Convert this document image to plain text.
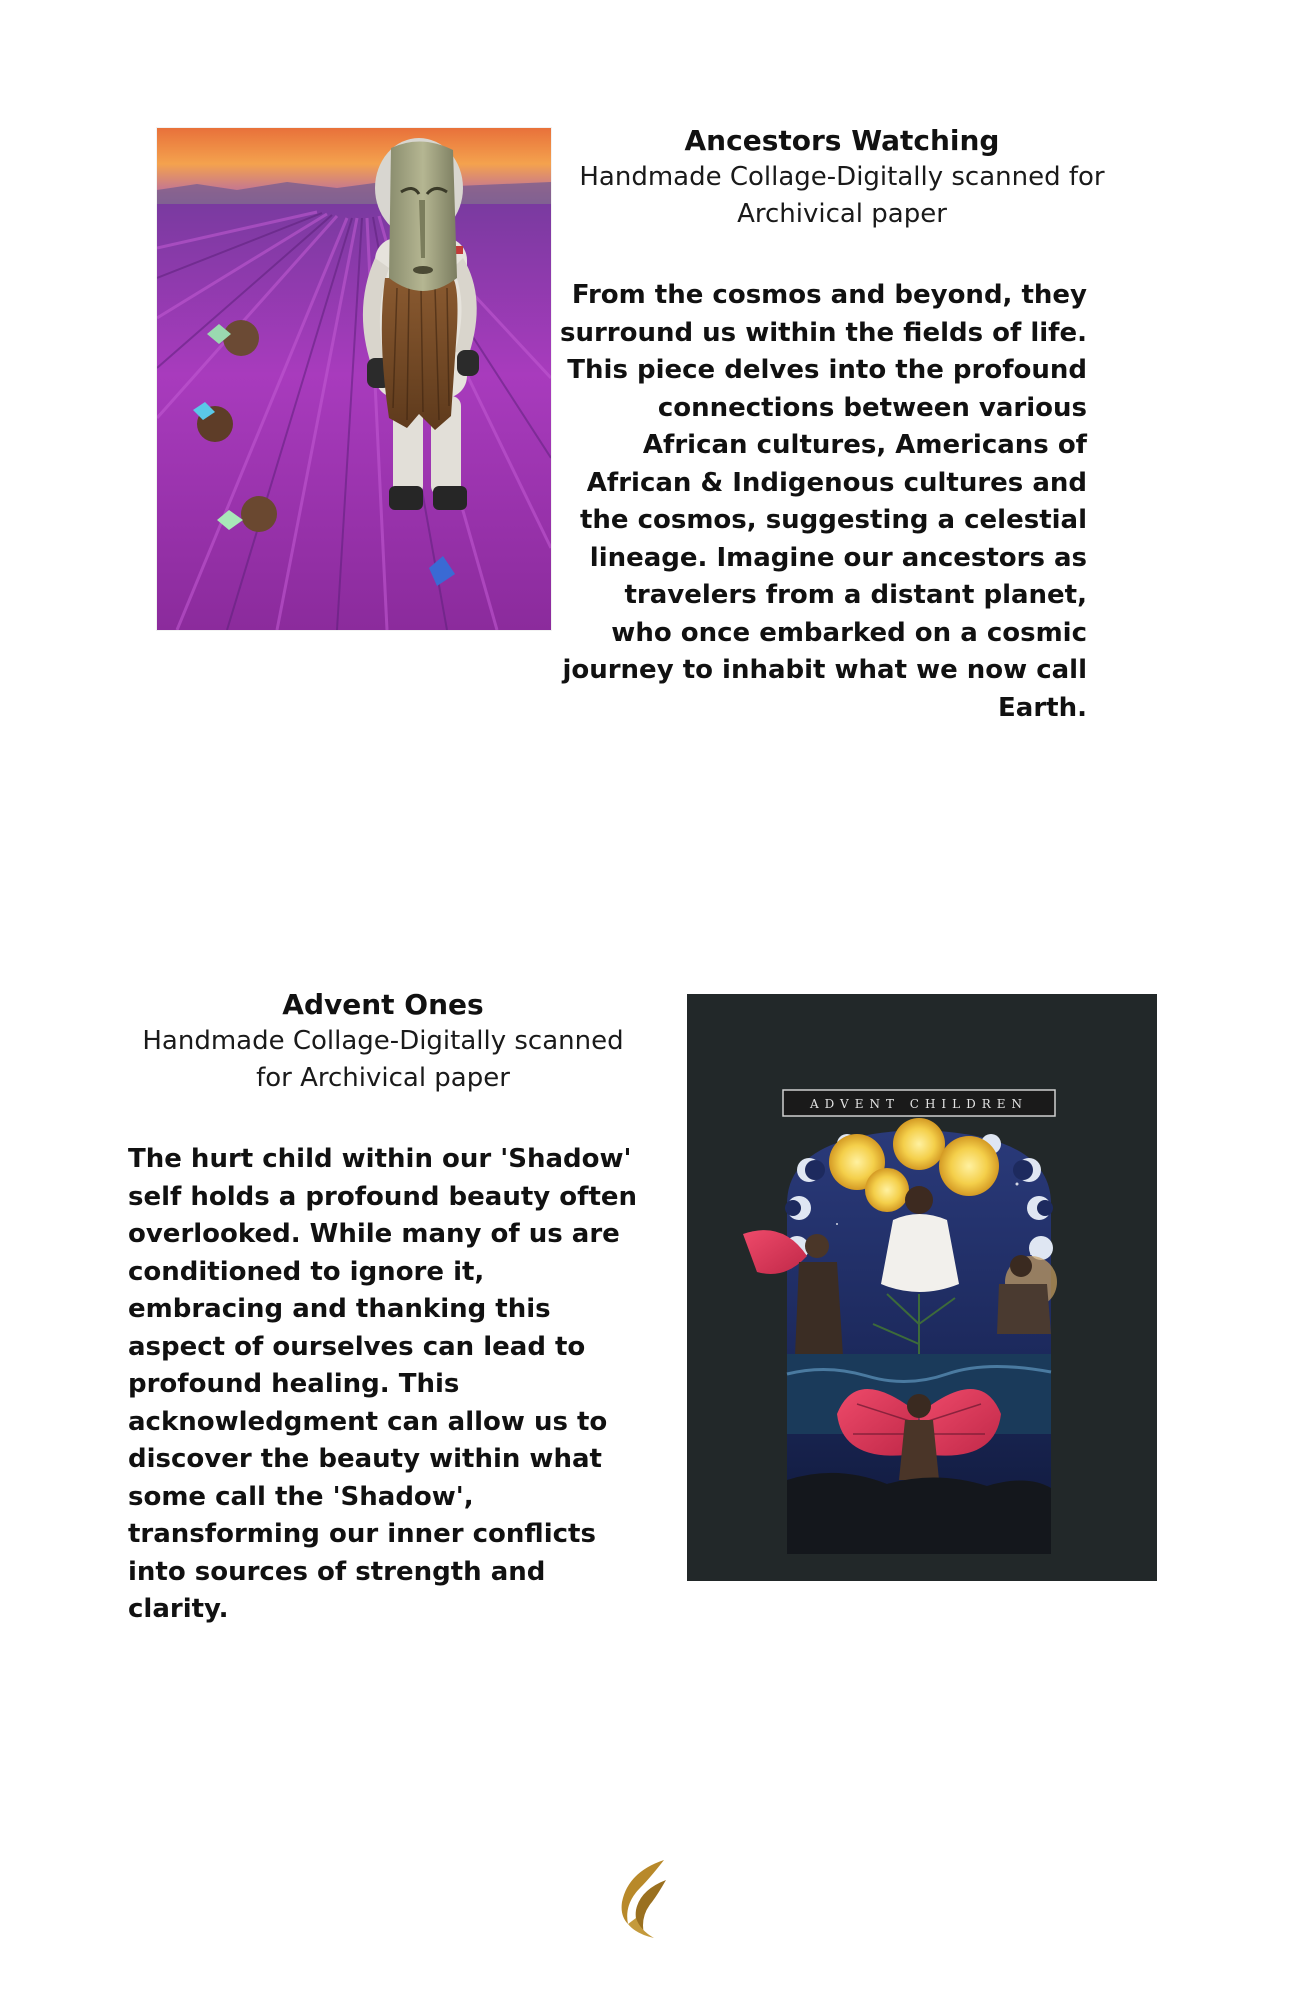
Ancestors Watching

Handmade Collage-Digitally scanned for Archivical paper

From the cosmos and beyond, they surround us within the fields of life. This piece delves into the profound connections between various African cultures, Americans of African & Indigenous cultures and the cosmos, suggesting a celestial lineage. Imagine our ancestors as travelers from a distant planet, who once embarked on a cosmic journey to inhabit what we now call Earth.

Advent Ones

Handmade Collage-Digitally scanned for Archivical paper

The hurt child within our 'Shadow' self holds a profound beauty often overlooked. While many of us are conditioned to ignore it, embracing and thanking this aspect of ourselves can lead to profound healing. This acknowledgment can allow us to discover the beauty within what some call the 'Shadow', transforming our inner conflicts into sources of strength and clarity.

ADVENT CHILDREN
